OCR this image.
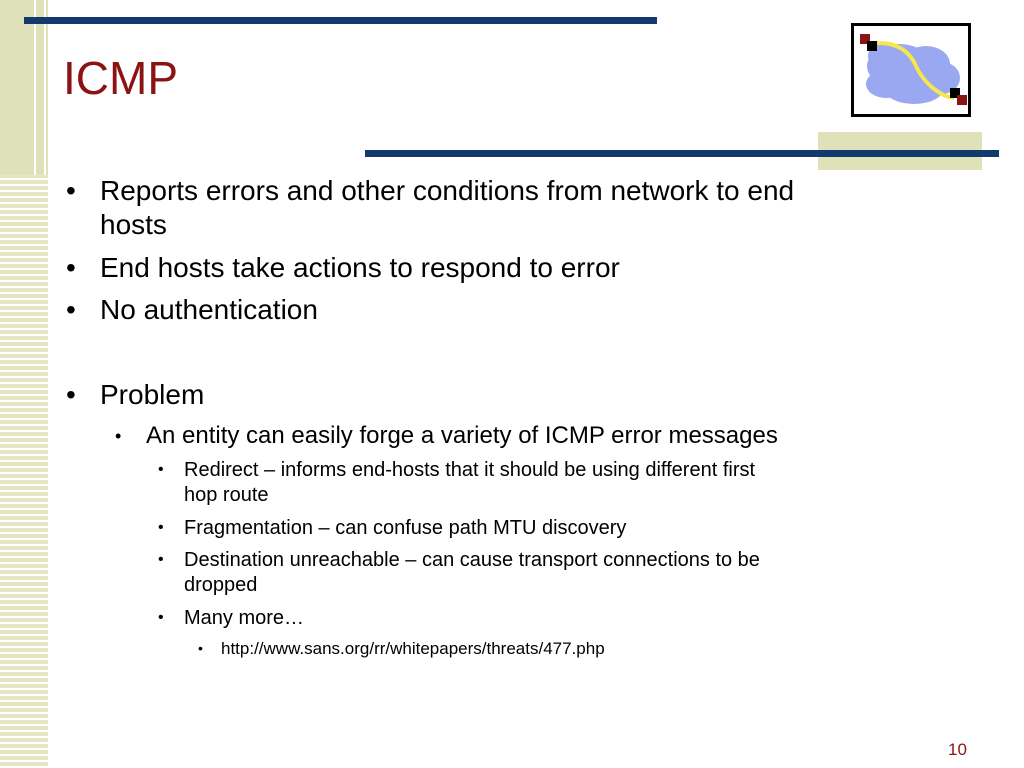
ICMP
• Reports errors and other conditions from network to end
hosts
• End hosts take actions to respond to error
• No authentication
• Problem
• An entity can easily forge a variety of ICMP error messages
• Redirect – informs end-hosts that it should be using different first
hop route
• Fragmentation – can confuse path MTU discovery
• Destination unreachable – can cause transport connections to be
dropped
• Many more…
• http://www.sans.org/rr/whitepapers/threats/477.php
10
